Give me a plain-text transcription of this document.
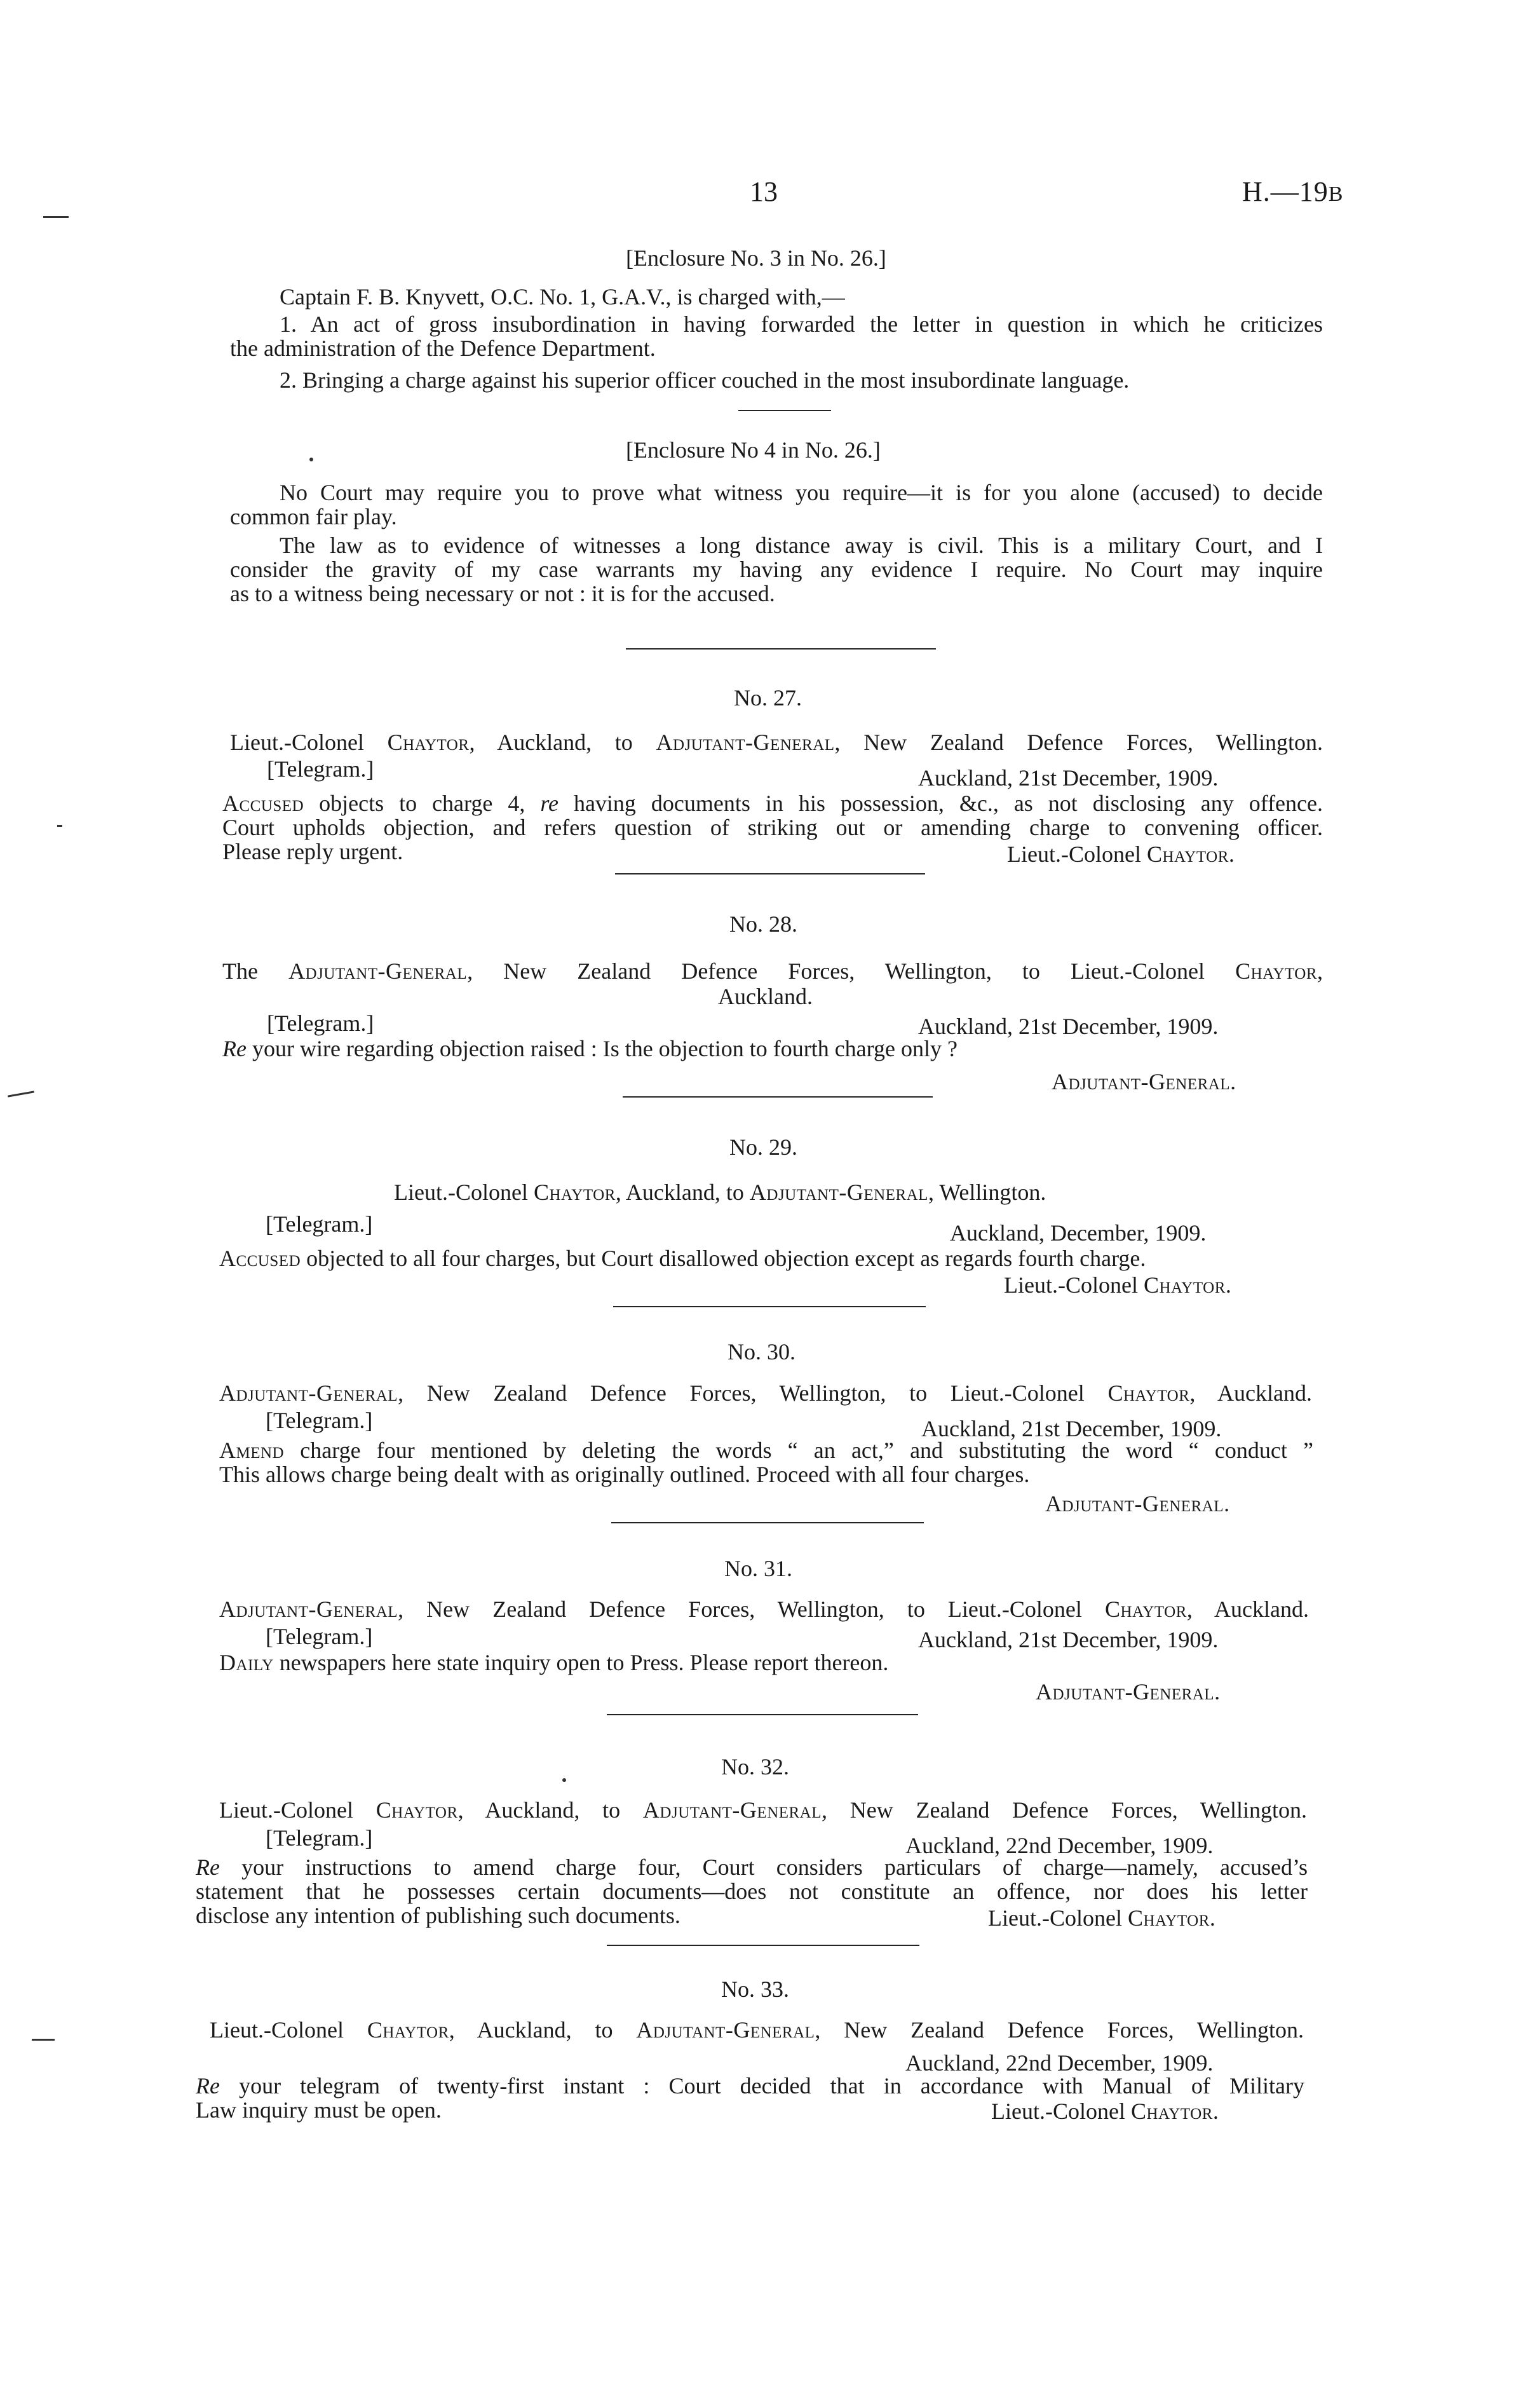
13	H.—19B
[Enclosure No. 3 in No. 26.]
Captain F. B. Knyvett, O.C. No. 1, G.A.V., is charged with,—
1. An act of gross insubordination in having forwarded the letter in question in which he criticizes
the administration of the Defence Department.
2. Bringing a charge against his superior officer couched in the most insubordinate language.
[Enclosure No 4 in No. 26.]
No Court may require you to prove what witness you require—it is for you alone (accused) to decide
common fair play.
The law as to evidence of witnesses a long distance away is civil. This is a military Court, and I
consider the gravity of my case warrants my having any evidence I require. No Court may inquire
as to a witness being necessary or not : it is for the accused.
No. 27.
Lieut.-Colonel Chaytor, Auckland, to Adjutant-General, New Zealand Defence Forces, Wellington.
[Telegram.]	Auckland, 21st December, 1909.
Accused objects to charge 4, re having documents in his possession, &c., as not disclosing any offence.
Court upholds objection, and refers question of striking out or amending charge to convening officer.
Please reply urgent.	Lieut.-Colonel Chaytor.
No. 28.
The Adjutant-General, New Zealand Defence Forces, Wellington, to Lieut.-Colonel Chaytor,
Auckland.
[Telegram.]	Auckland, 21st December, 1909.
Re your wire regarding objection raised : Is the objection to fourth charge only ?
Adjutant-General.
No. 29.
Lieut.-Colonel Chaytor, Auckland, to Adjutant-General, Wellington.
[Telegram.]	Auckland, December, 1909.
Accused objected to all four charges, but Court disallowed objection except as regards fourth charge.
Lieut.-Colonel Chaytor.
No. 30.
Adjutant-General, New Zealand Defence Forces, Wellington, to Lieut.-Colonel Chaytor, Auckland.
[Telegram.]	Auckland, 21st December, 1909.
Amend charge four mentioned by deleting the words “ an act,” and substituting the word “ conduct ”
This allows charge being dealt with as originally outlined. Proceed with all four charges.
Adjutant-General.
No. 31.
Adjutant-General, New Zealand Defence Forces, Wellington, to Lieut.-Colonel Chaytor, Auckland.
[Telegram.]	Auckland, 21st December, 1909.
Daily newspapers here state inquiry open to Press. Please report thereon.
Adjutant-General.
No. 32.
Lieut.-Colonel Chaytor, Auckland, to Adjutant-General, New Zealand Defence Forces, Wellington.
[Telegram.]	Auckland, 22nd December, 1909.
Re your instructions to amend charge four, Court considers particulars of charge—namely, accused’s
statement that he possesses certain documents—does not constitute an offence, nor does his letter
disclose any intention of publishing such documents.	Lieut.-Colonel Chaytor.
No. 33.
Lieut.-Colonel Chaytor, Auckland, to Adjutant-General, New Zealand Defence Forces, Wellington.
Auckland, 22nd December, 1909.
Re your telegram of twenty-first instant : Court decided that in accordance with Manual of Military
Law inquiry must be open.	Lieut.-Colonel Chaytor.
